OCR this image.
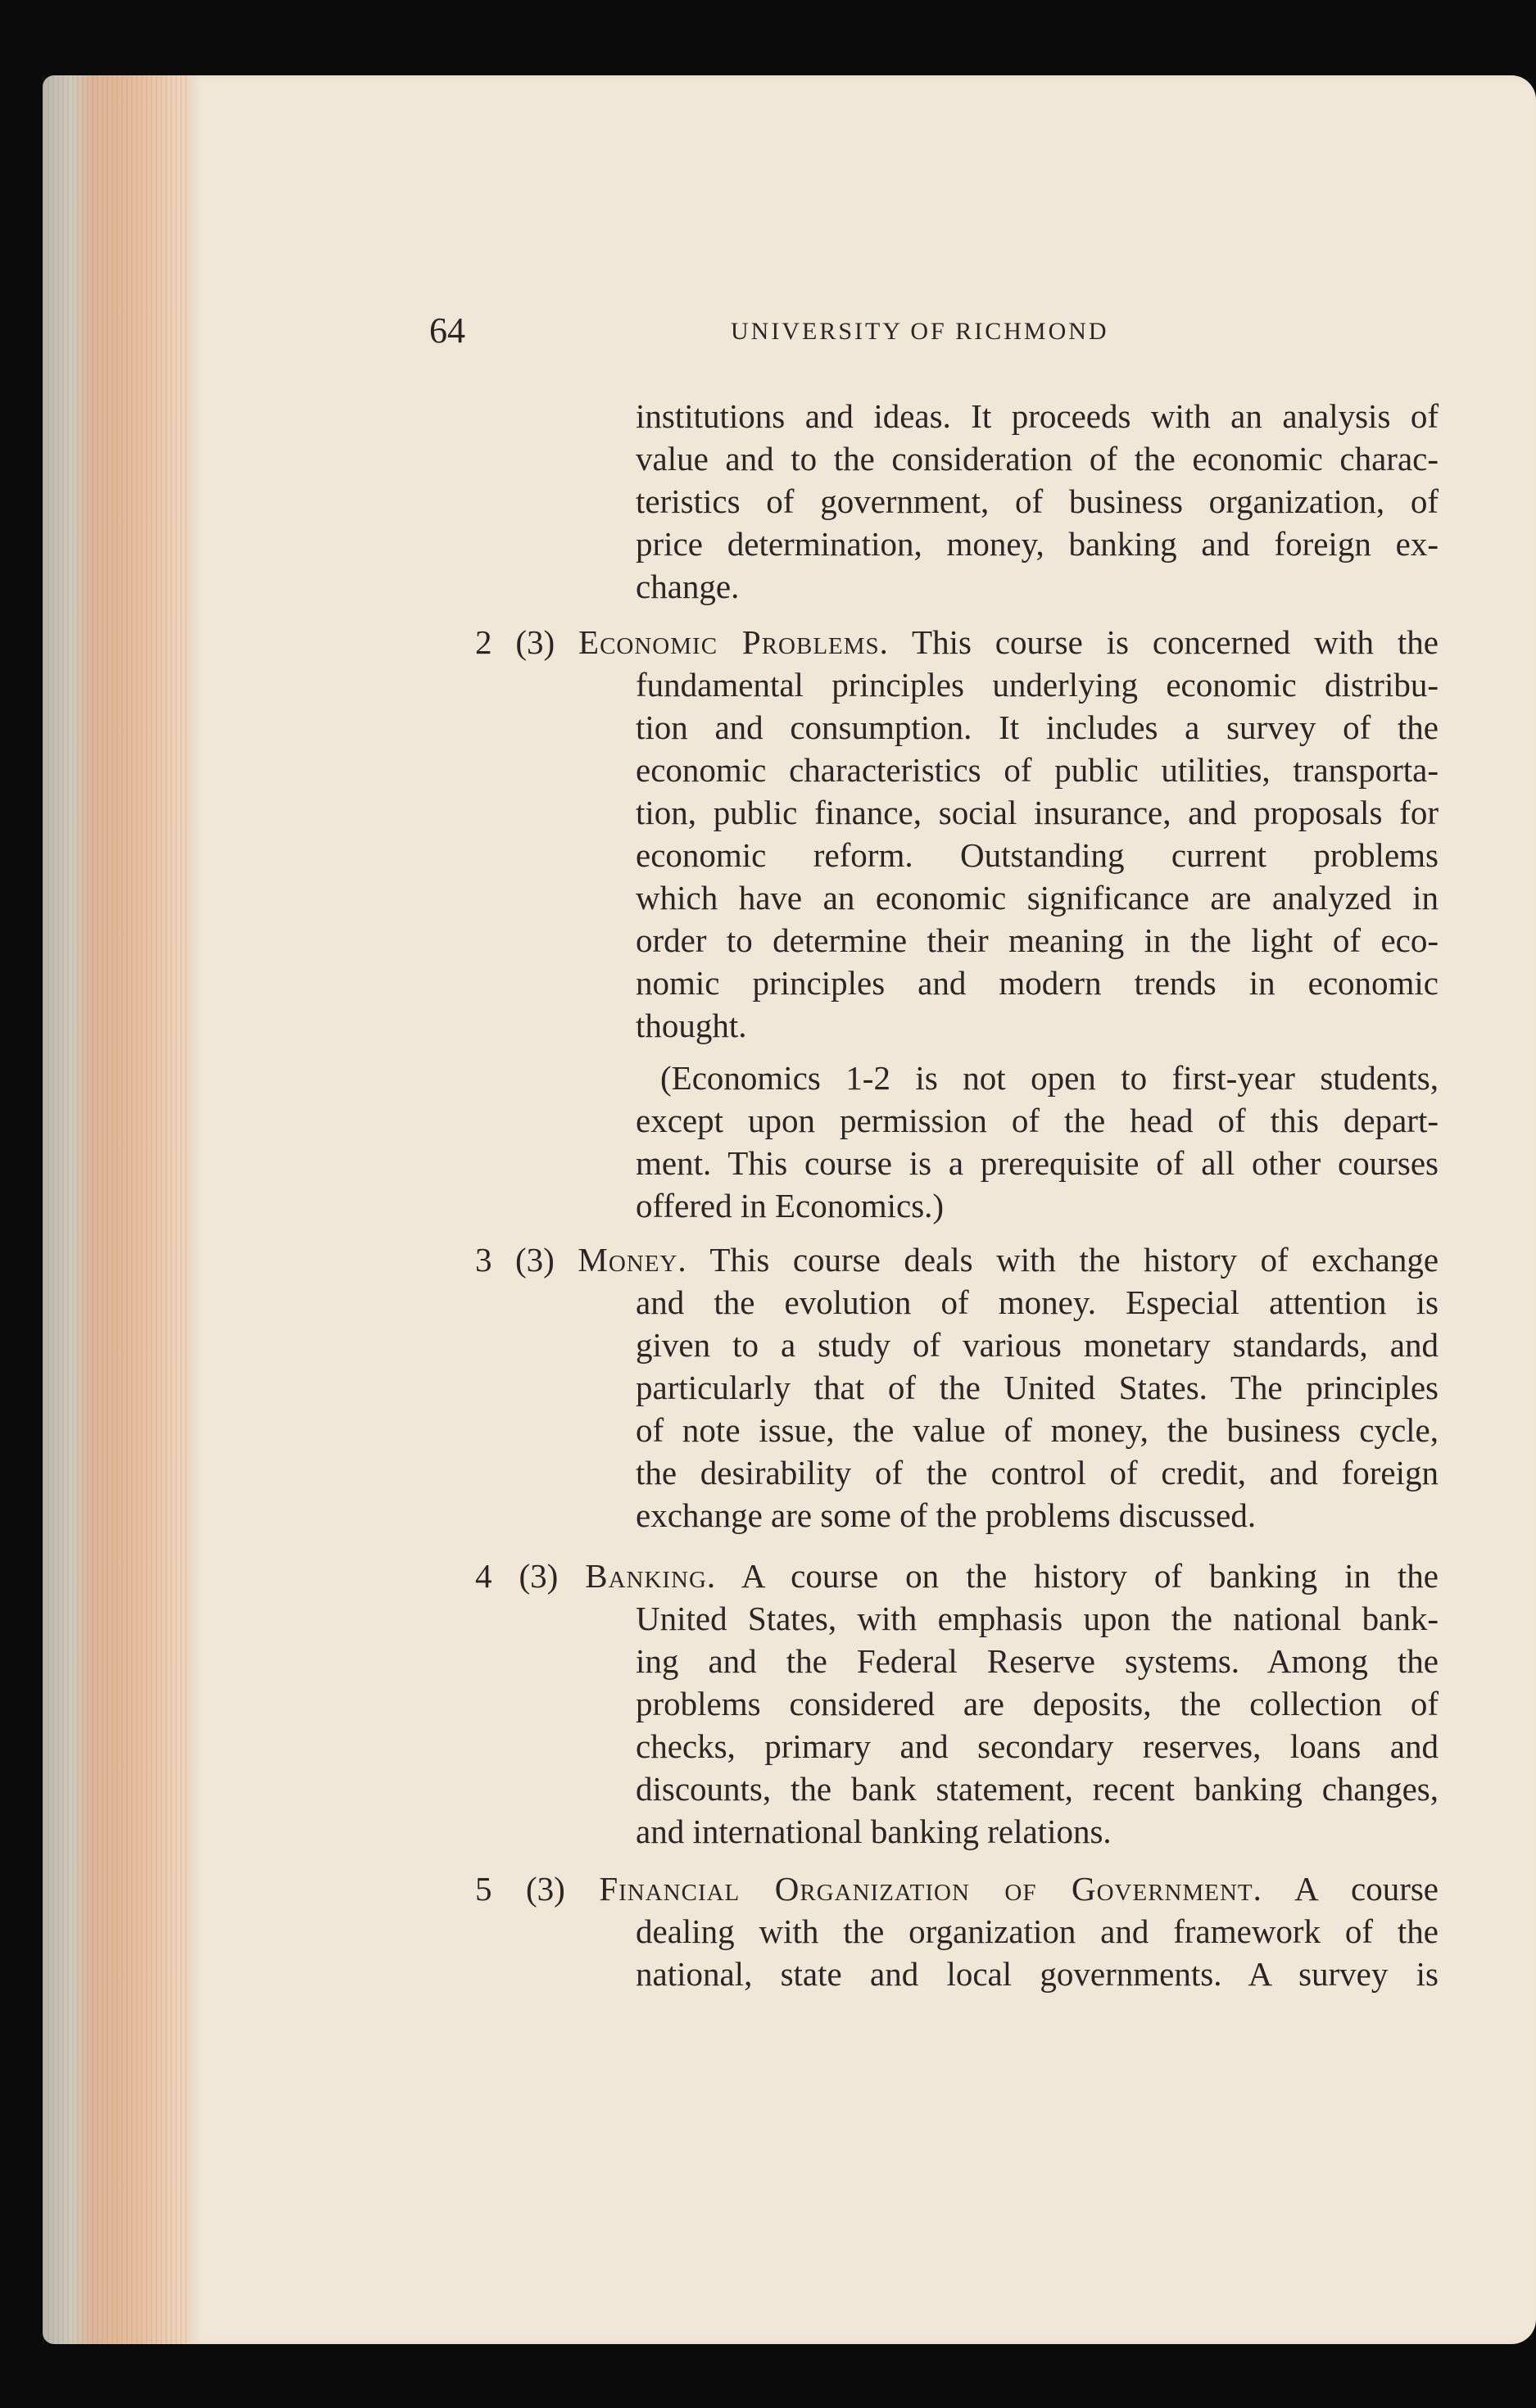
64	UNIVERSITY OF RICHMOND
institutions and ideas. It proceeds with an analysis of
value and to the consideration of the economic charac-
teristics of government, of business organization, of
price determination, money, banking and foreign ex-
change.
2 (3) Economic Problems. This course is concerned with the
fundamental principles underlying economic distribu-
tion and consumption. It includes a survey of the
economic characteristics of public utilities, transporta-
tion, public finance, social insurance, and proposals for
economic reform. Outstanding current problems
which have an economic significance are analyzed in
order to determine their meaning in the light of eco-
nomic principles and modern trends in economic
thought.
(Economics 1-2 is not open to first-year students,
except upon permission of the head of this depart-
ment. This course is a prerequisite of all other courses
offered in Economics.)
3 (3) Money. This course deals with the history of exchange
and the evolution of money. Especial attention is
given to a study of various monetary standards, and
particularly that of the United States. The principles
of note issue, the value of money, the business cycle,
the desirability of the control of credit, and foreign
exchange are some of the problems discussed.
4 (3) Banking. A course on the history of banking in the
United States, with emphasis upon the national bank-
ing and the Federal Reserve systems. Among the
problems considered are deposits, the collection of
checks, primary and secondary reserves, loans and
discounts, the bank statement, recent banking changes,
and international banking relations.
5 (3) Financial Organization of Government. A course
dealing with the organization and framework of the
national, state and local governments. A survey is
